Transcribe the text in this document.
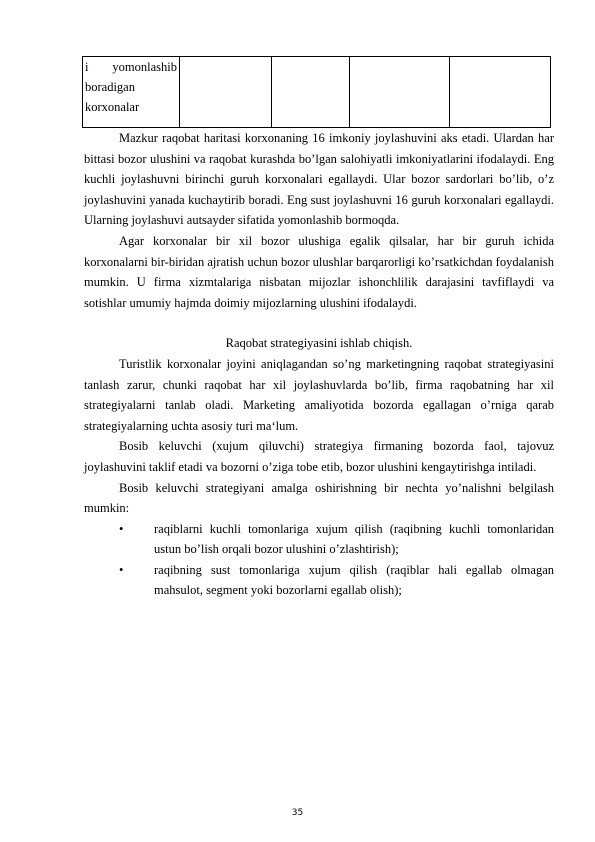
i yomonlashib
boradigan
korxonalar

Mazkur raqobat haritasi korxonaning 16 imkoniy joylashuvini aks etadi. Ulardan har bittasi bozor ulushini va raqobat kurashda bo’lgan salohiyatli imkoniyatlarini ifodalaydi. Eng kuchli joylashuvni birinchi guruh korxonalari egallaydi. Ular bozor sardorlari bo’lib, o’z joylashuvini yanada kuchaytirib boradi. Eng sust joylashuvni 16 guruh korxonalari egallaydi. Ularning joylashuvi autsayder sifatida yomonlashib bormoqda.

Agar korxonalar bir xil bozor ulushiga egalik qilsalar, har bir guruh ichida korxonalarni bir-biridan ajratish uchun bozor ulushlar barqarorligi ko’rsatkichdan foydalanish mumkin. U firma xizmtalariga nisbatan mijozlar ishonchlilik darajasini tavfiflaydi va sotishlar umumiy hajmda doimiy mijozlarning ulushini ifodalaydi.

Raqobat strategiyasini ishlab chiqish.

Turistlik korxonalar joyini aniqlagandan so’ng marketingning raqobat strategiyasini tanlash zarur, chunki raqobat har xil joylashuvlarda bo’lib, firma raqobatning har xil strategiyalarni tanlab oladi. Marketing amaliyotida bozorda egallagan o’rniga qarab strategiyalarning uchta asosiy turi ma‘lum.

Bosib keluvchi (xujum qiluvchi) strategiya firmaning bozorda faol, tajovuz joylashuvini taklif etadi va bozorni o’ziga tobe etib, bozor ulushini kengaytirishga intiladi.

Bosib keluvchi strategiyani amalga oshirishning bir nechta yo’nalishni belgilash mumkin:

• raqiblarni kuchli tomonlariga xujum qilish (raqibning kuchli tomonlaridan ustun bo’lish orqali bozor ulushini o’zlashtirish);

• raqibning sust tomonlariga xujum qilish (raqiblar hali egallab olmagan mahsulot, segment yoki bozorlarni egallab olish);

35
